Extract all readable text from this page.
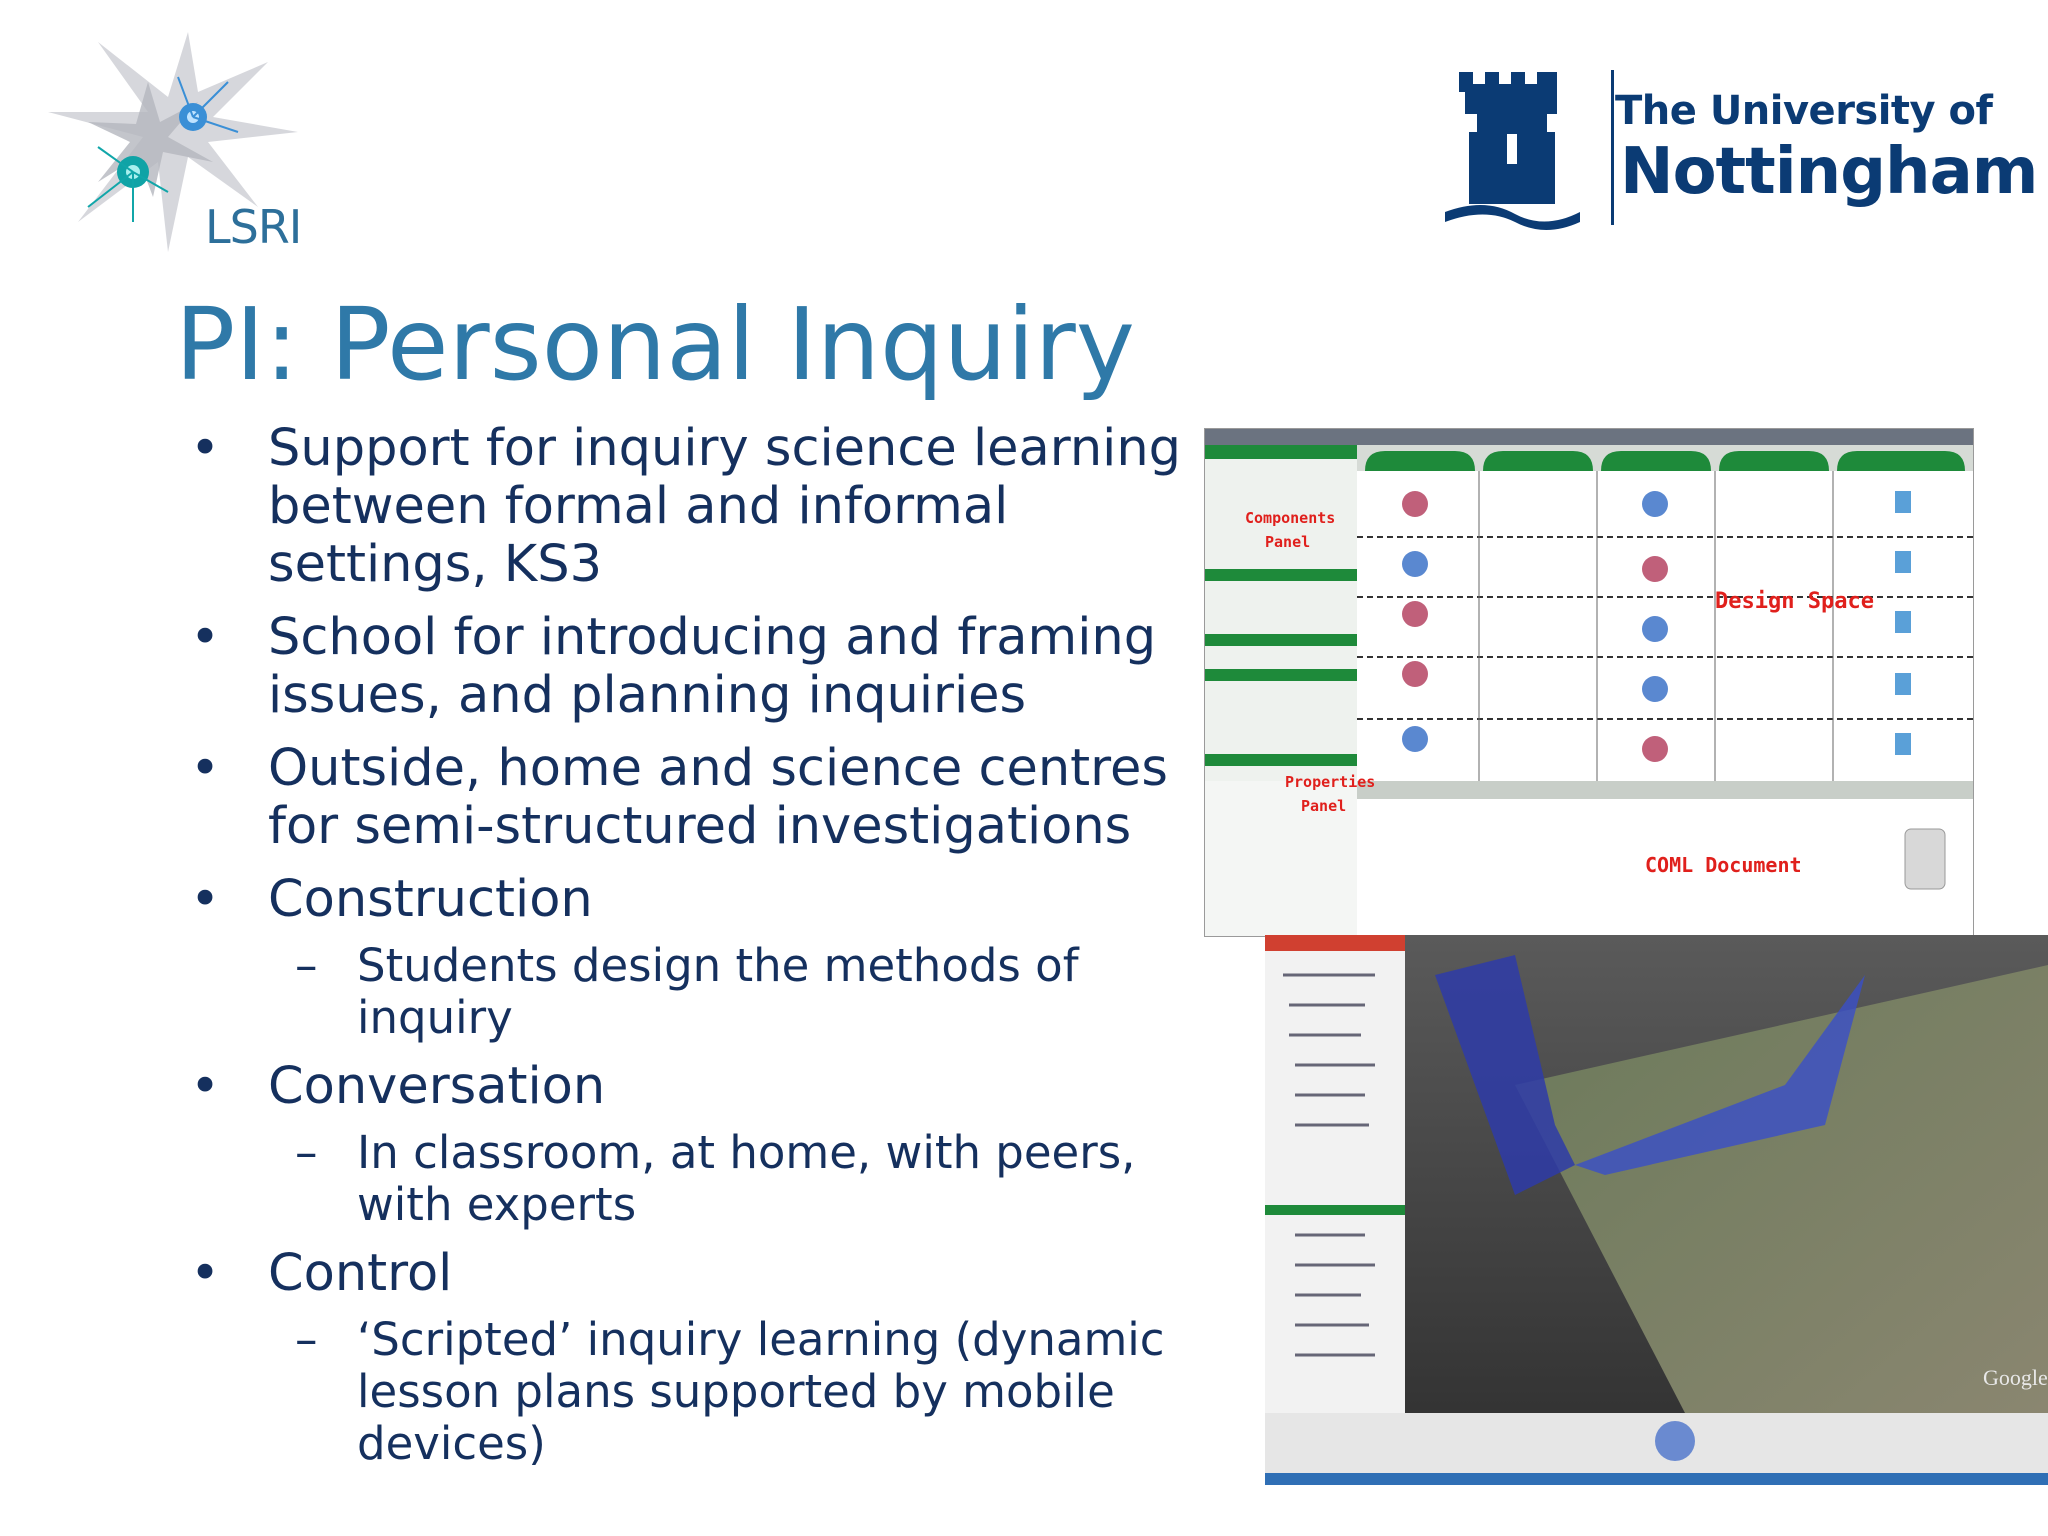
LSRI
The University of
Nottingham
PI: Personal Inquiry
• Support for inquiry science learning between formal and informal settings, KS3
• School for introducing and framing issues, and planning inquiries
• Outside, home and science centres for semi-structured investigations
• Construction
– Students design the methods of inquiry
• Conversation
– In classroom, at home, with peers, with experts
• Control
– ‘Scripted’ inquiry learning (dynamic lesson plans supported by mobile devices)
Components
Panel
Design Space
Properties
Panel
COML Document
Google
